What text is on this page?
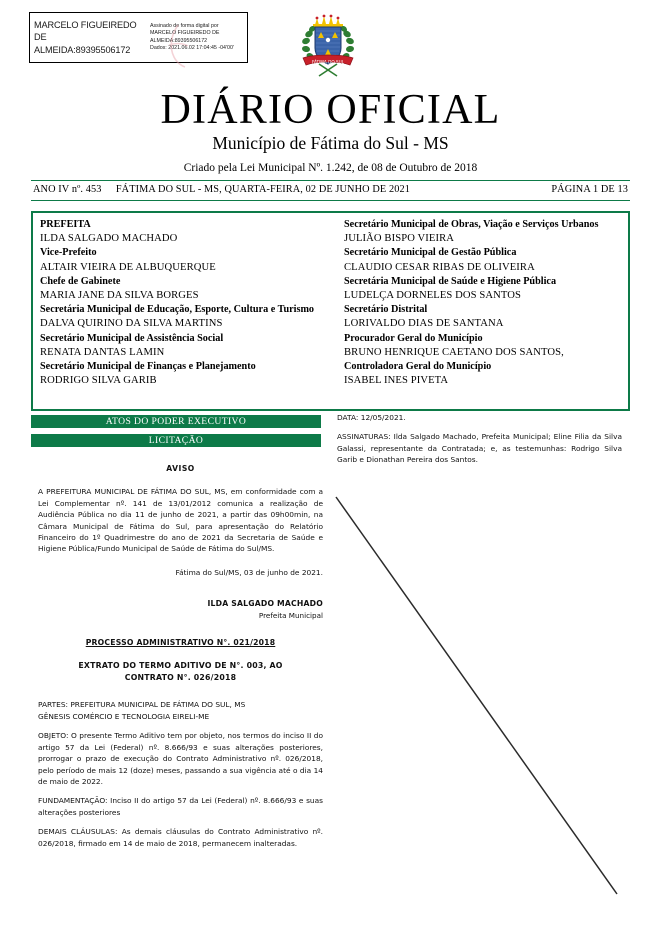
MARCELO FIGUEIREDO
DE
ALMEIDA:89395506172
Assinado de forma digital por
MARCELO FIGUEIREDO DE
ALMEIDA:89395506172
Dados: 2021.06.02 17:04:45 -04'00'
FÁTIMA DO SUL
DIÁRIO OFICIAL
Município de Fátima do Sul - MS
Criado pela Lei Municipal Nº. 1.242, de 08 de Outubro de 2018
ANO IV nº. 453 FÁTIMA DO SUL - MS, QUARTA-FEIRA, 02 DE JUNHO DE 2021	PÁGINA 1 DE 13
PREFEITA
ILDA SALGADO MACHADO
Vice-Prefeito
ALTAIR VIEIRA DE ALBUQUERQUE
Chefe de Gabinete
MARIA JANE DA SILVA BORGES
Secretária Municipal de Educação, Esporte, Cultura e Turismo
DALVA QUIRINO DA SILVA MARTINS
Secretário Municipal de Assistência Social
RENATA DANTAS LAMIN
Secretário Municipal de Finanças e Planejamento
RODRIGO SILVA GARIB
Secretário Municipal de Obras, Viação e Serviços Urbanos
JULIÃO BISPO VIEIRA
Secretário Municipal de Gestão Pública
CLAUDIO CESAR RIBAS DE OLIVEIRA
Secretária Municipal de Saúde e Higiene Pública
LUDELÇA DORNELES DOS SANTOS
Secretário Distrital
LORIVALDO DIAS DE SANTANA
Procurador Geral do Município
BRUNO HENRIQUE CAETANO DOS SANTOS,
Controladora Geral do Município
ISABEL INES PIVETA
ATOS DO PODER EXECUTIVO
LICITAÇÃO
AVISO
A PREFEITURA MUNICIPAL DE FÁTIMA DO SUL, MS, em conformidade com a Lei Complementar nº. 141 de 13/01/2012 comunica a realização de Audiência Pública no dia 11 de junho de 2021, a partir das 09h00min, na Câmara Municipal de Fátima do Sul, para apresentação do Relatório Financeiro do 1º Quadrimestre do ano de 2021 da Secretaria de Saúde e Higiene Pública/Fundo Municipal de Saúde de Fátima do Sul/MS.
Fátima do Sul/MS, 03 de junho de 2021.
ILDA SALGADO MACHADO
Prefeita Municipal
PROCESSO ADMINISTRATIVO N°. 021/2018
EXTRATO DO TERMO ADITIVO DE N°. 003, AO
CONTRATO N°. 026/2018
PARTES: PREFEITURA MUNICIPAL DE FÁTIMA DO SUL, MS
GÊNESIS COMÉRCIO E TECNOLOGIA EIRELI-ME
OBJETO: O presente Termo Aditivo tem por objeto, nos termos do inciso II do artigo 57 da Lei (Federal) nº. 8.666/93 e suas alterações posteriores, prorrogar o prazo de execução do Contrato Administrativo nº. 026/2018, pelo período de mais 12 (doze) meses, passando a sua vigência até o dia 14 de maio de 2022.
FUNDAMENTAÇÃO: Inciso II do artigo 57 da Lei (Federal) nº. 8.666/93 e suas alterações posteriores
DEMAIS CLÁUSULAS: As demais cláusulas do Contrato Administrativo nº. 026/2018, firmado em 14 de maio de 2018, permanecem inalteradas.
DATA: 12/05/2021.
ASSINATURAS: Ilda Salgado Machado, Prefeita Municipal; Eline Filia da Silva Galassi, representante da Contratada; e, as testemunhas: Rodrigo Silva Garib e Dionathan Pereira dos Santos.
